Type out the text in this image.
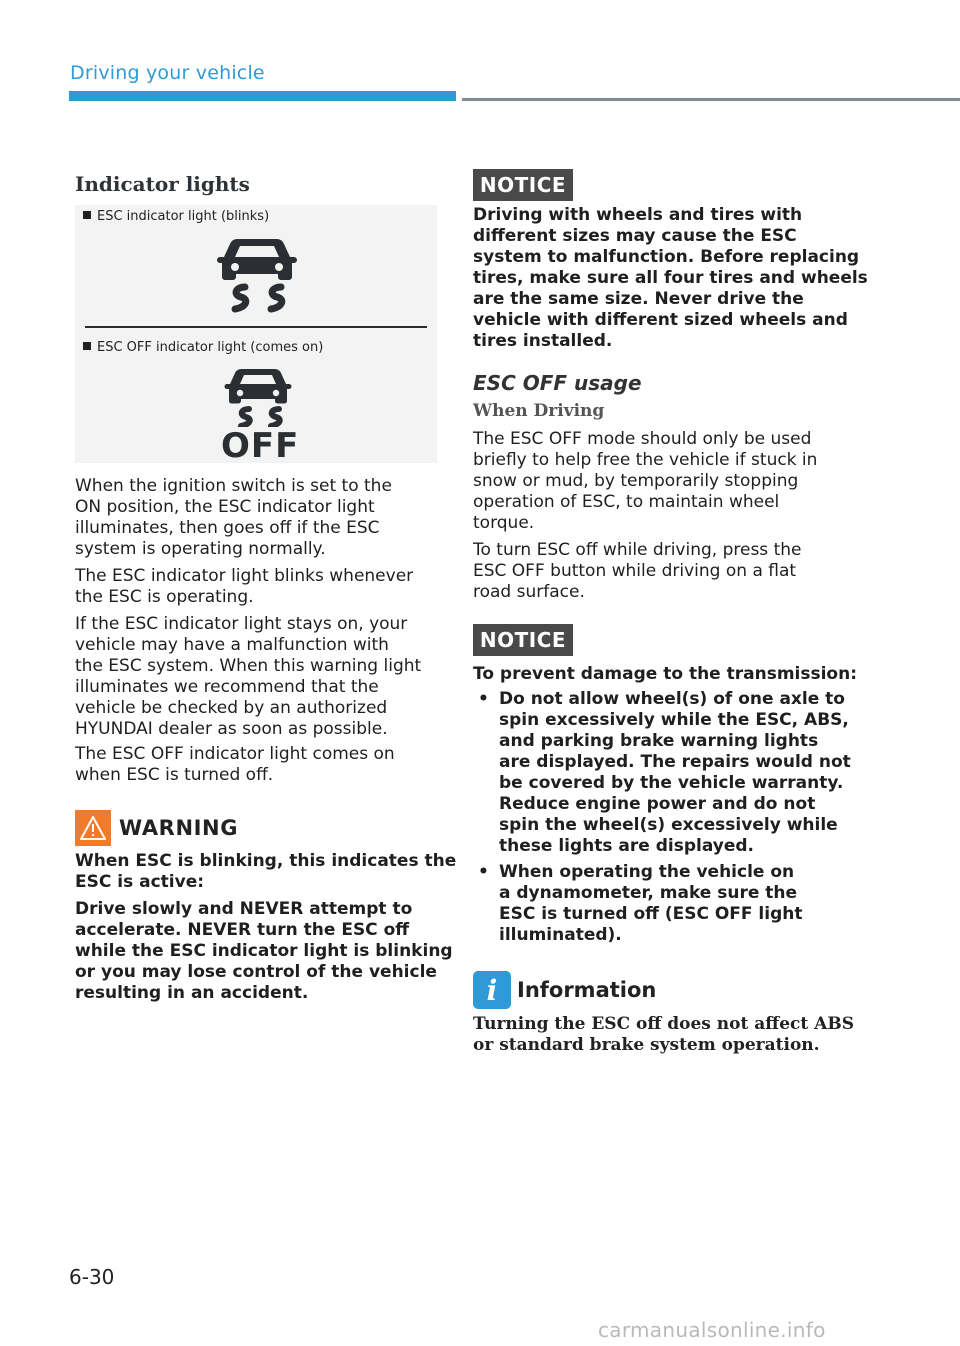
Driving your vehicle
Indicator lights
ESC indicator light (blinks)
ESC OFF indicator light (comes on)
OFF
When the ignition switch is set to the
ON position, the ESC indicator light
illuminates, then goes off if the ESC
system is operating normally.
The ESC indicator light blinks whenever
the ESC is operating.
If the ESC indicator light stays on, your
vehicle may have a malfunction with
the ESC system. When this warning light
illuminates we recommend that the
vehicle be checked by an authorized
HYUNDAI dealer as soon as possible.
The ESC OFF indicator light comes on
when ESC is turned off.
WARNING
When ESC is blinking, this indicates the
ESC is active:
Drive slowly and NEVER attempt to
accelerate. NEVER turn the ESC off
while the ESC indicator light is blinking
or you may lose control of the vehicle
resulting in an accident.
NOTICE
Driving with wheels and tires with
different sizes may cause the ESC
system to malfunction. Before replacing
tires, make sure all four tires and wheels
are the same size. Never drive the
vehicle with different sized wheels and
tires installed.
ESC OFF usage
When Driving
The ESC OFF mode should only be used
briefly to help free the vehicle if stuck in
snow or mud, by temporarily stopping
operation of ESC, to maintain wheel
torque.
To turn ESC off while driving, press the
ESC OFF button while driving on a flat
road surface.
NOTICE
To prevent damage to the transmission:
• Do not allow wheel(s) of one axle to
spin excessively while the ESC, ABS,
and parking brake warning lights
are displayed. The repairs would not
be covered by the vehicle warranty.
Reduce engine power and do not
spin the wheel(s) excessively while
these lights are displayed.
• When operating the vehicle on
a dynamometer, make sure the
ESC is turned off (ESC OFF light
illuminated).
i Information
Turning the ESC off does not affect ABS
or standard brake system operation.
6-30
carmanualsonline.info
